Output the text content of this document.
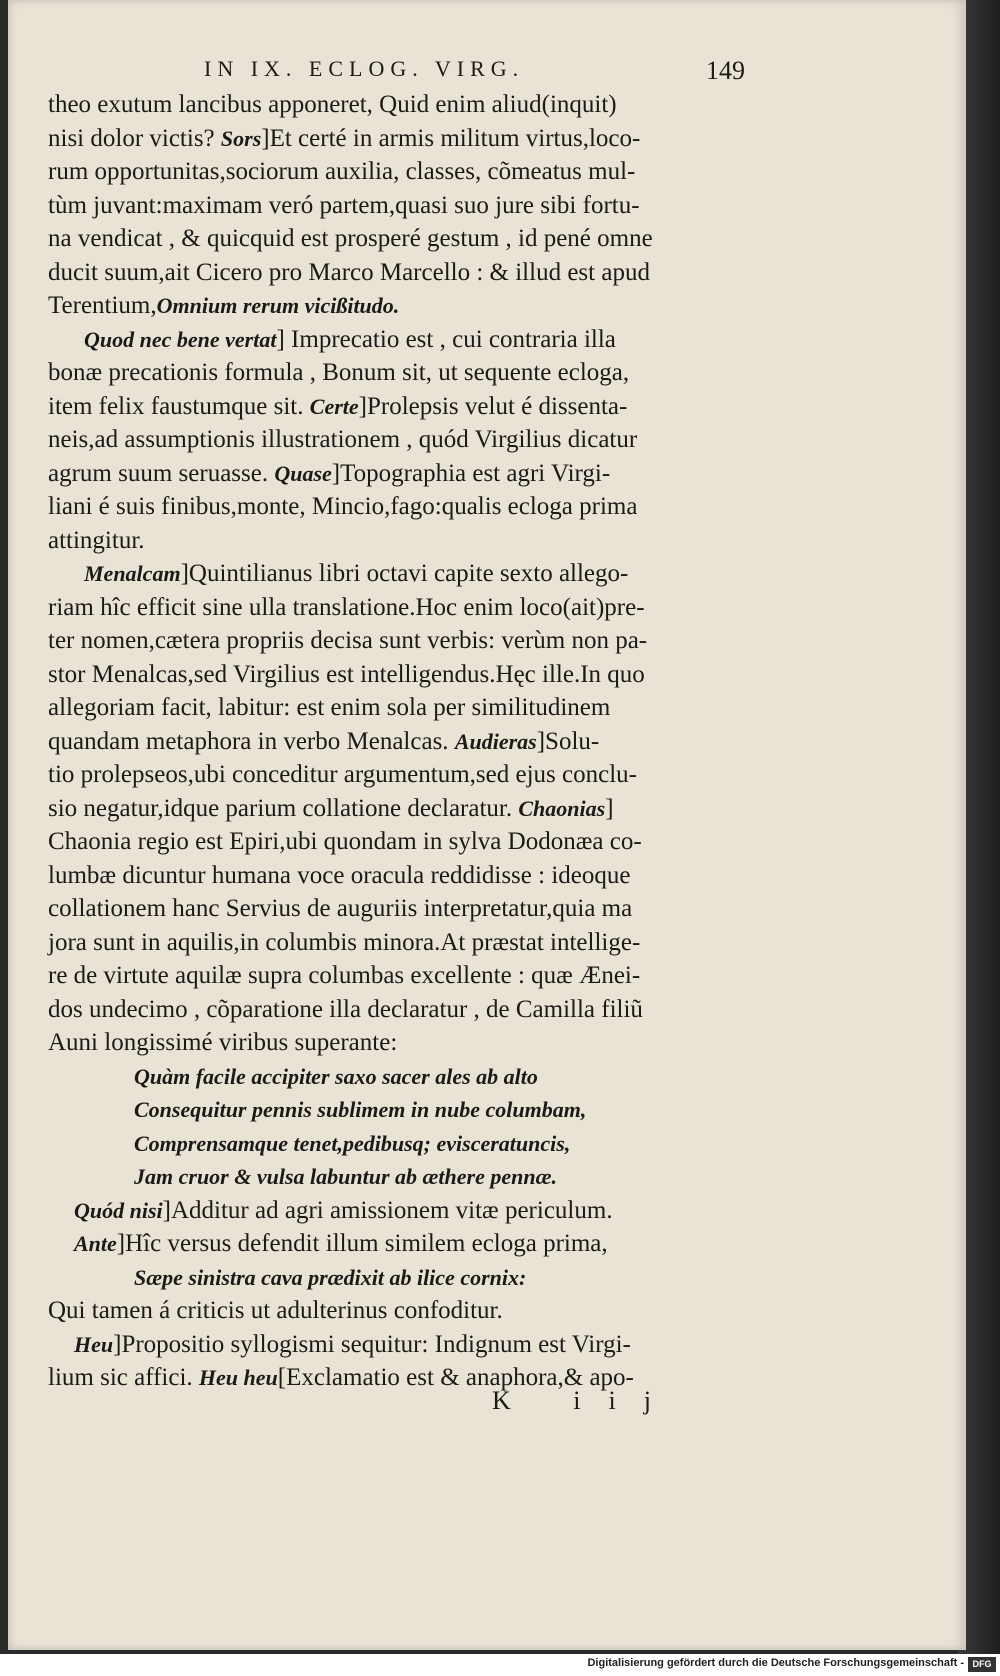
IN IX. ECLOG. VIRG.	149
theo exutum lancibus apponeret, Quid enim aliud(inquit)
nisi dolor victis? Sors]Et certé in armis militum virtus,loco-
rum opportunitas,sociorum auxilia, classes, cõmeatus mul-
tùm juvant:maximam veró partem,quasi suo jure sibi fortu-
na vendicat , & quicquid est prosperé gestum , id pené omne
ducit suum,ait Cicero pro Marco Marcello : & illud est apud
Terentium,Omnium rerum vicißitudo.
Quod nec bene vertat] Imprecatio est , cui contraria illa
bonæ precationis formula , Bonum sit, ut sequente ecloga,
item felix faustumque sit. Certe]Prolepsis velut é dissenta-
neis,ad assumptionis illustrationem , quód Virgilius dicatur
agrum suum seruasse. Quase]Topographia est agri Virgi-
liani é suis finibus,monte, Mincio,fago:qualis ecloga prima
attingitur.
Menalcam]Quintilianus libri octavi capite sexto allego-
riam hîc efficit sine ulla translatione.Hoc enim loco(ait)pre-
ter nomen,cætera propriis decisa sunt verbis: verùm non pa-
stor Menalcas,sed Virgilius est intelligendus.Hęc ille.In quo
allegoriam facit, labitur: est enim sola per similitudinem
quandam metaphora in verbo Menalcas. Audieras]Solu-
tio prolepseos,ubi conceditur argumentum,sed ejus conclu-
sio negatur,idque parium collatione declaratur. Chaonias]
Chaonia regio est Epiri,ubi quondam in sylva Dodonæa co-
lumbæ dicuntur humana voce oracula reddidisse : ideoque
collationem hanc Servius de auguriis interpretatur,quia ma
jora sunt in aquilis,in columbis minora.At præstat intellige-
re de virtute aquilæ supra columbas excellente : quæ Ænei-
dos undecimo , cõparatione illa declaratur , de Camilla filiũ
Auni longissimé viribus superante:
Quàm facile accipiter saxo sacer ales ab alto
Consequitur pennis sublimem in nube columbam,
Comprensamque tenet,pedibusq; evisceratuncis,
Jam cruor & vulsa labuntur ab æthere pennæ.
Quód nisi]Additur ad agri amissionem vitæ periculum.
Ante]Hîc versus defendit illum similem ecloga prima,
Sæpe sinistra cava prædixit ab ilice cornix:
Qui tamen á criticis ut adulterinus confoditur.
Heu]Propositio syllogismi sequitur: Indignum est Virgi-
lium sic affici. Heu heu[Exclamatio est & anaphora,& apo-
K iij
Digitalisierung gefördert durch die Deutsche Forschungsgemeinschaft - DFG
